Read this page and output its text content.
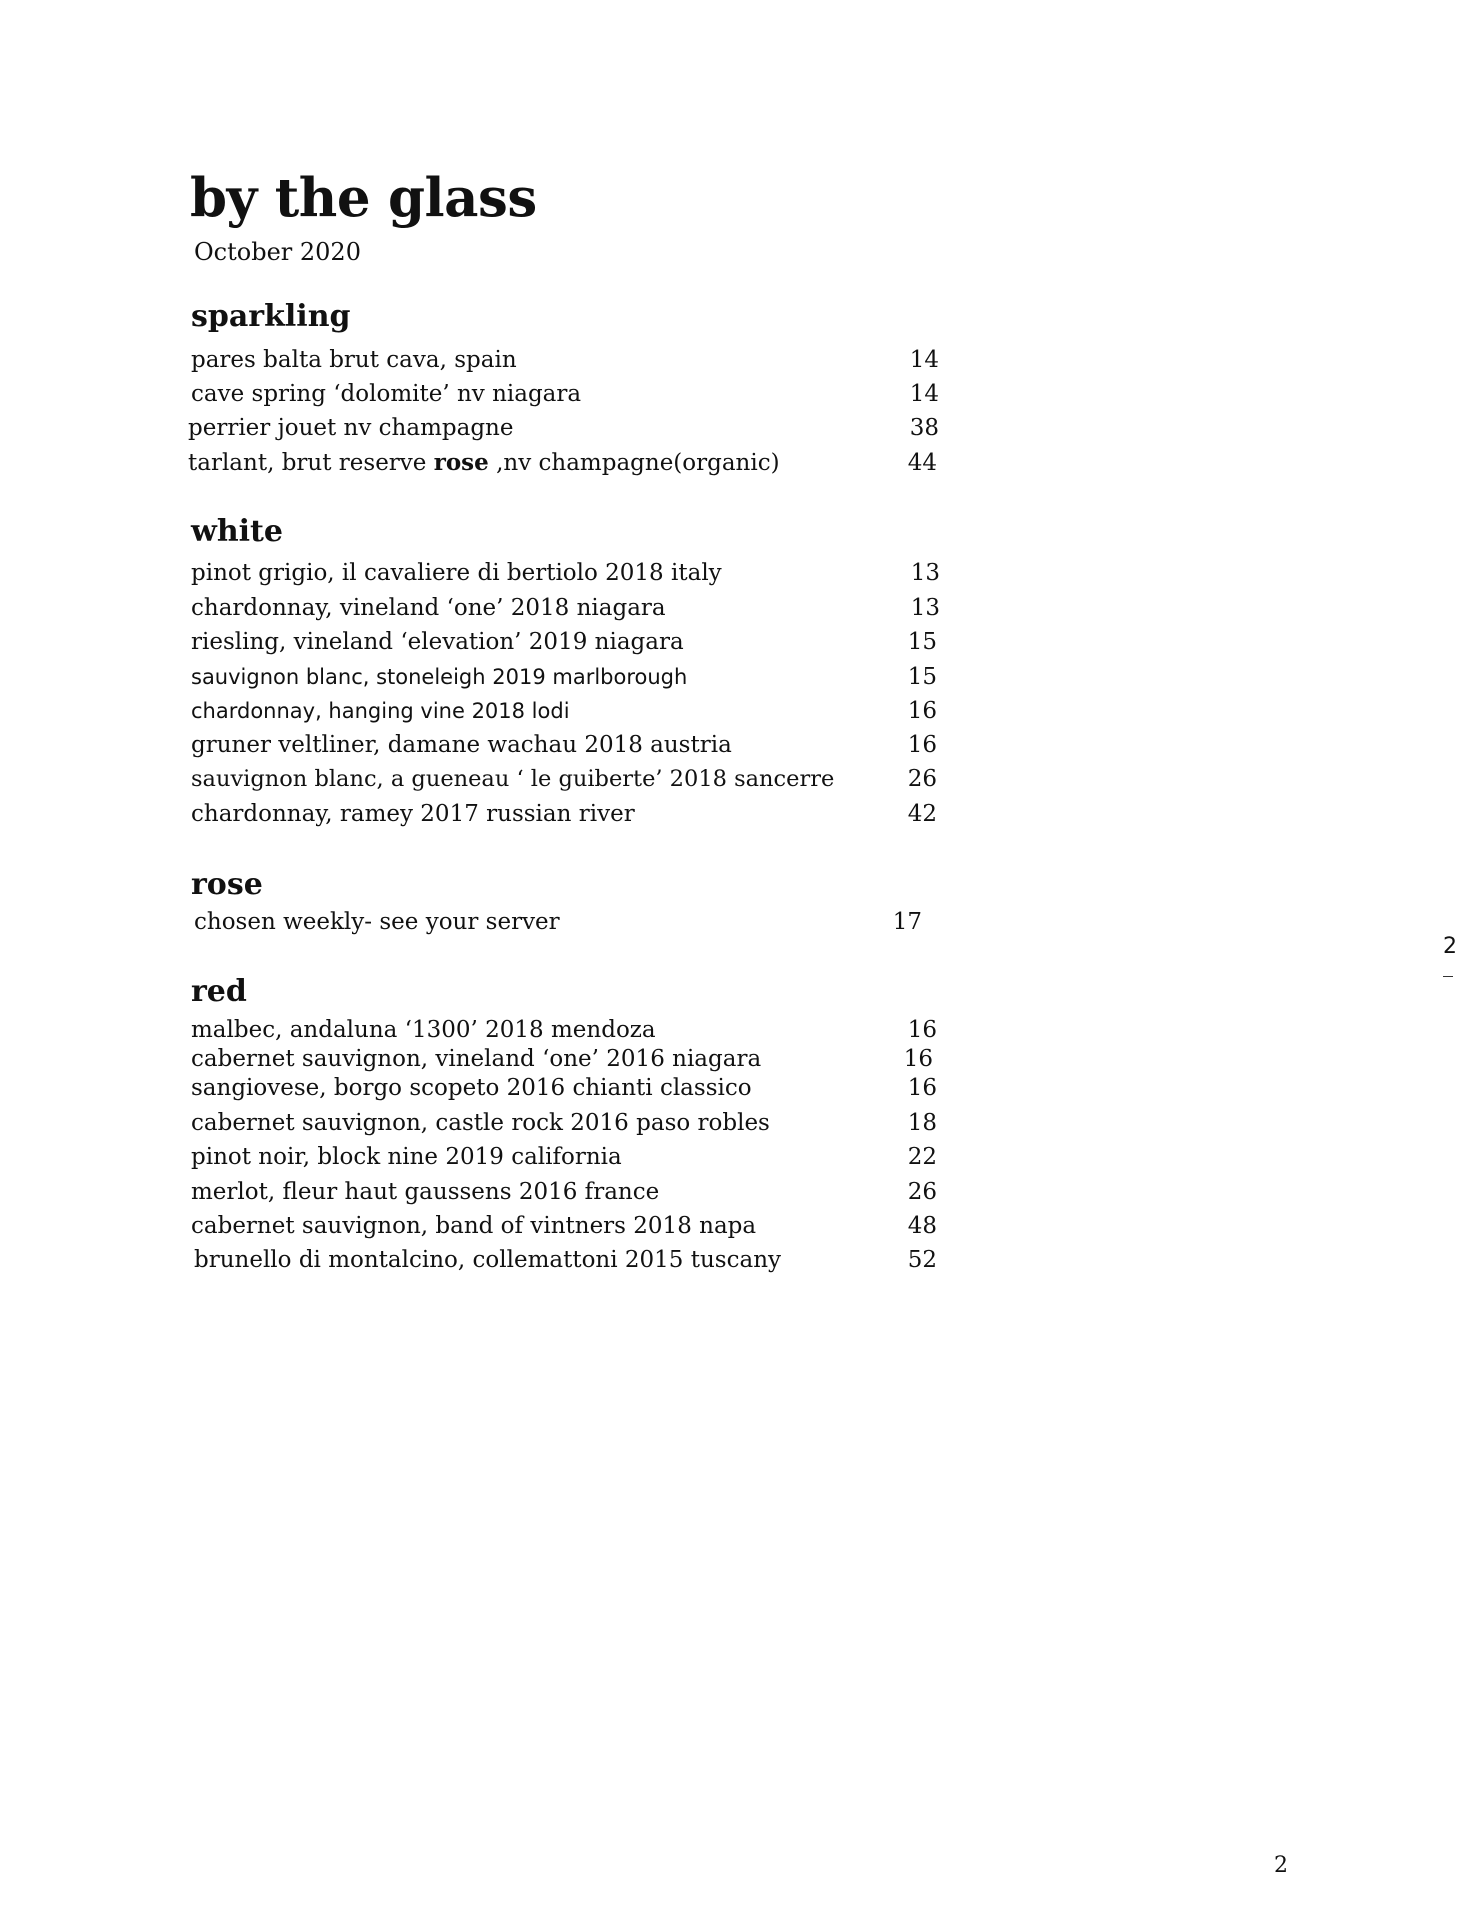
by the glass
October 2020
sparkling
pares balta brut cava, spain	14
cave spring ‘dolomite’ nv niagara	14
perrier jouet nv champagne	38
tarlant, brut reserve rose ,nv champagne(organic)	44
white
pinot grigio, il cavaliere di bertiolo 2018 italy	13
chardonnay, vineland ‘one’ 2018 niagara	13
riesling, vineland ‘elevation’ 2019 niagara	15
sauvignon blanc, stoneleigh 2019 marlborough	15
chardonnay, hanging vine 2018 lodi	16
gruner veltliner, damane wachau 2018 austria	16
sauvignon blanc, a gueneau ‘ le guiberte’ 2018 sancerre	26
chardonnay, ramey 2017 russian river	42
rose
chosen weekly- see your server	17
red
malbec, andaluna ‘1300’ 2018 mendoza	16
cabernet sauvignon, vineland ‘one’ 2016 niagara	16
sangiovese, borgo scopeto 2016 chianti classico	16
cabernet sauvignon, castle rock 2016 paso robles	18
pinot noir, block nine 2019 california	22
merlot, fleur haut gaussens 2016 france	26
cabernet sauvignon, band of vintners 2018 napa	48
brunello di montalcino, collemattoni 2015 tuscany	52
2
2
